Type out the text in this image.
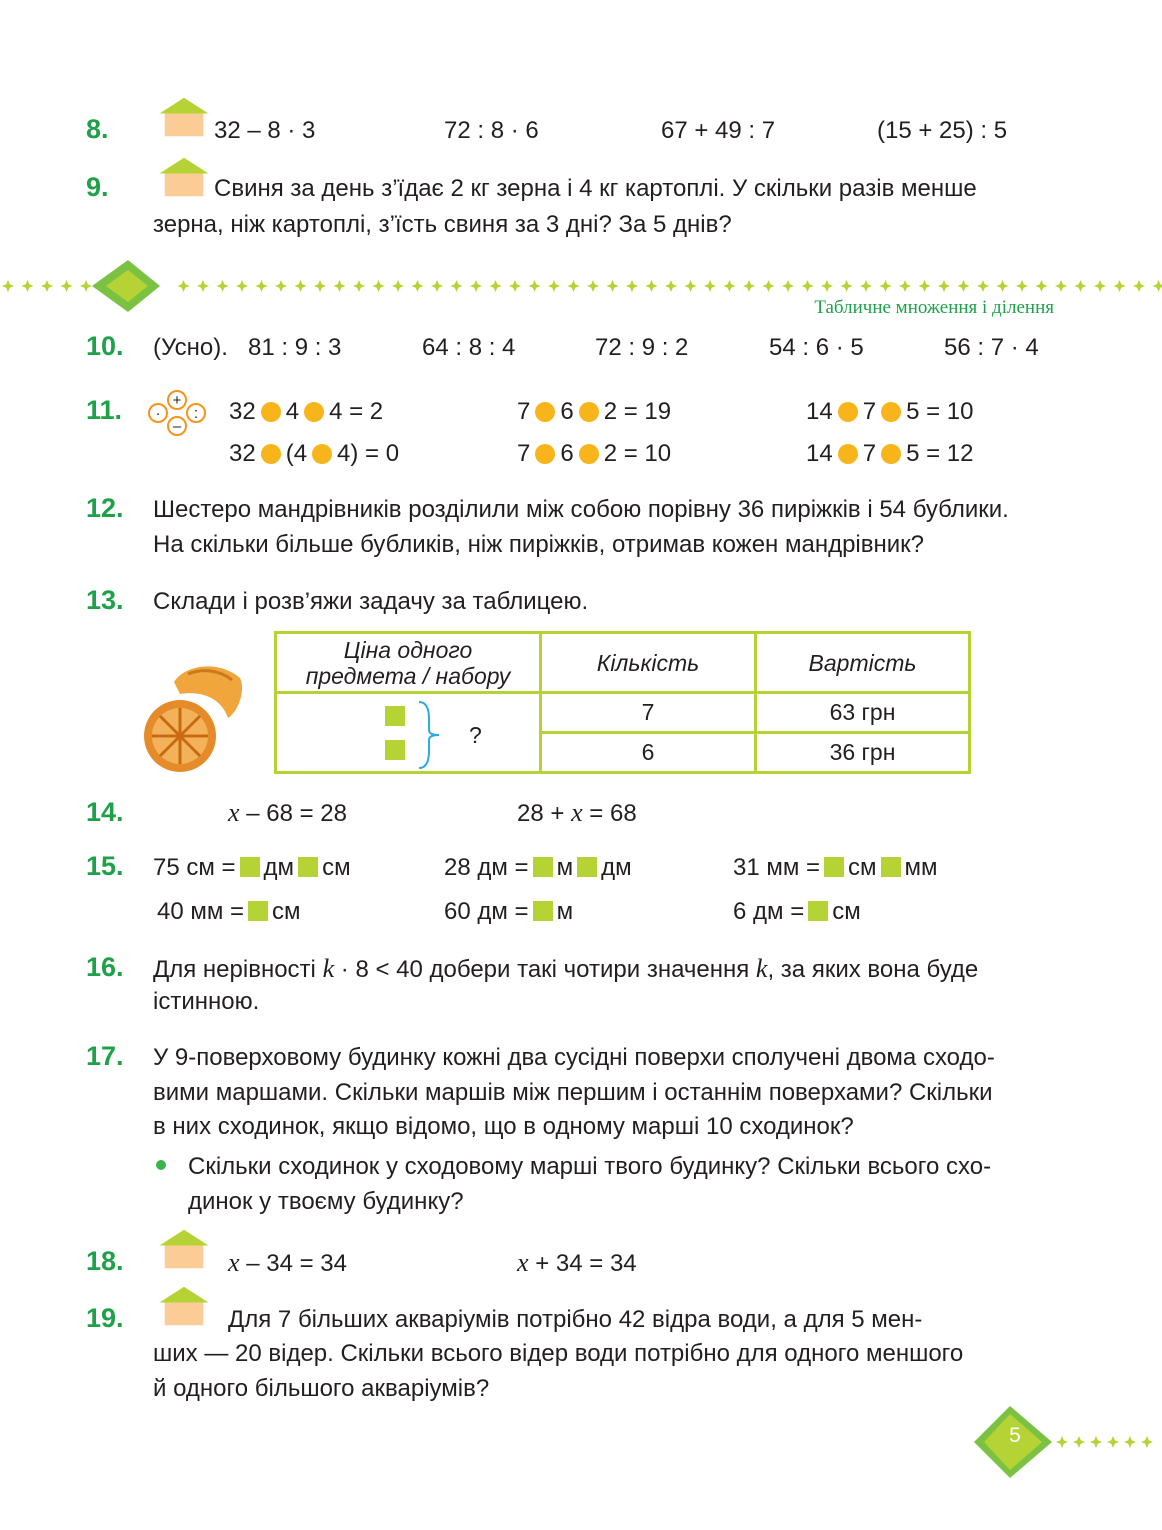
8.	32 – 8 · 3	72 : 8 · 6	67 + 49 : 7	(15 + 25) : 5
9.	Свиня за день з’їдає 2 кг зерна і 4 кг картоплі. У скільки разів менше
зерна, ніж картоплі, з’їсть свиня за 3 дні? За 5 днів?
Табличне множення і ділення
10. (Усно). 81 : 9 : 3	64 : 8 : 4	72 : 9 : 2	54 : 6 · 5	56 : 7 · 4
11.	+
–
· : 32 4 4 = 2	7 6 2 = 19	14 7 5 = 10
32 (4 4) = 0	7 6 2 = 10	14 7 5 = 12
12. Шестеро мандрівників розділили між собою порівну 36 пиріжків і 54 бублики.
На скільки більше бубликів, ніж пиріжків, отримав кожен мандрівник?
13. Склади і розв’яжи задачу за таблицею.
Ціна одного
предмета / набору	Кількість	Вартість

?	7	63 грн
	6	36 грн
14.	x – 68 = 28	28 + x = 68
15. 75 см = дм см	28 дм = м дм	31 мм = см мм
40 мм = см	60 дм = м	6 дм = см
16. Для нерівності k · 8 < 40 добери такі чотири значення k, за яких вона буде
істинною.
17. У 9-поверховому будинку кожні два сусідні поверхи сполучені двома сходо-
вими маршами. Скільки маршів між першим і останнім поверхами? Скільки
в них сходинок, якщо відомо, що в одному марші 10 сходинок?
Скільки сходинок у сходовому марші твого будинку? Скільки всього схо-
динок у твоєму будинку?
18.	x – 34 = 34	x + 34 = 34
19.	Для 7 більших акваріумів потрібно 42 відра води, а для 5 мен-
ших — 20 відер. Скільки всього відер води потрібно для одного меншого
й одного більшого акваріумів?
5
